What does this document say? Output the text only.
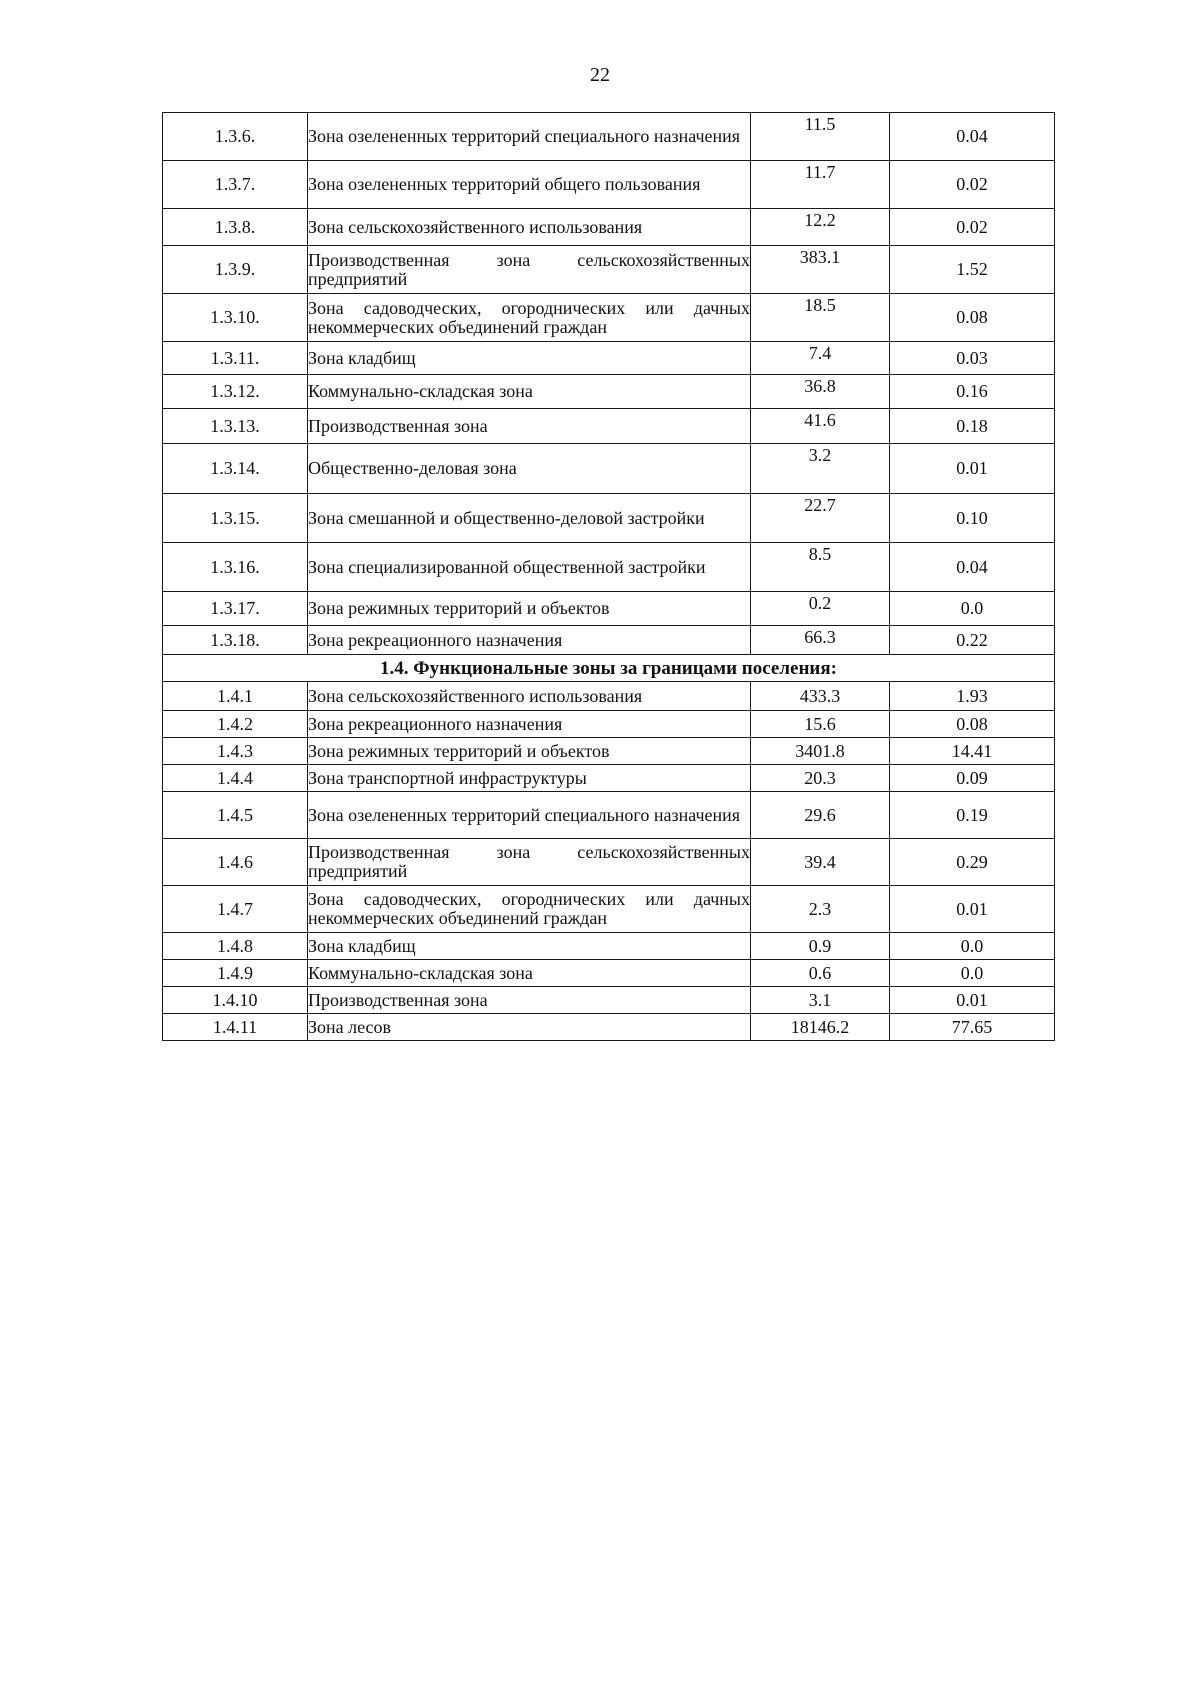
22
1.3.6.	Зона озелененных территорий специального назначения	11.5	0.04
1.3.7.	Зона озелененных территорий общего пользования	11.7	0.02
1.3.8.	Зона сельскохозяйственного использования	12.2	0.02
1.3.9.	Производственная зона сельскохозяйственных предприятий	383.1	1.52
1.3.10.	Зона садоводческих, огороднических или дачных некоммерческих объединений граждан	18.5	0.08
1.3.11.	Зона кладбищ	7.4	0.03
1.3.12.	Коммунально-складская зона	36.8	0.16
1.3.13.	Производственная зона	41.6	0.18
1.3.14.	Общественно-деловая зона	3.2	0.01
1.3.15.	Зона смешанной и общественно-деловой застройки	22.7	0.10
1.3.16.	Зона специализированной общественной застройки	8.5	0.04
1.3.17.	Зона режимных территорий и объектов	0.2	0.0
1.3.18.	Зона рекреационного назначения	66.3	0.22
1.4. Функциональные зоны за границами поселения:			
1.4.1	Зона сельскохозяйственного использования	433.3	1.93
1.4.2	Зона рекреационного назначения	15.6	0.08
1.4.3	Зона режимных территорий и объектов	3401.8	14.41
1.4.4	Зона транспортной инфраструктуры	20.3	0.09
1.4.5	Зона озелененных территорий специального назначения	29.6	0.19
1.4.6	Производственная зона сельскохозяйственных предприятий	39.4	0.29
1.4.7	Зона садоводческих, огороднических или дачных некоммерческих объединений граждан	2.3	0.01
1.4.8	Зона кладбищ	0.9	0.0
1.4.9	Коммунально-складская зона	0.6	0.0
1.4.10	Производственная зона	3.1	0.01
1.4.11	Зона лесов	18146.2	77.65
